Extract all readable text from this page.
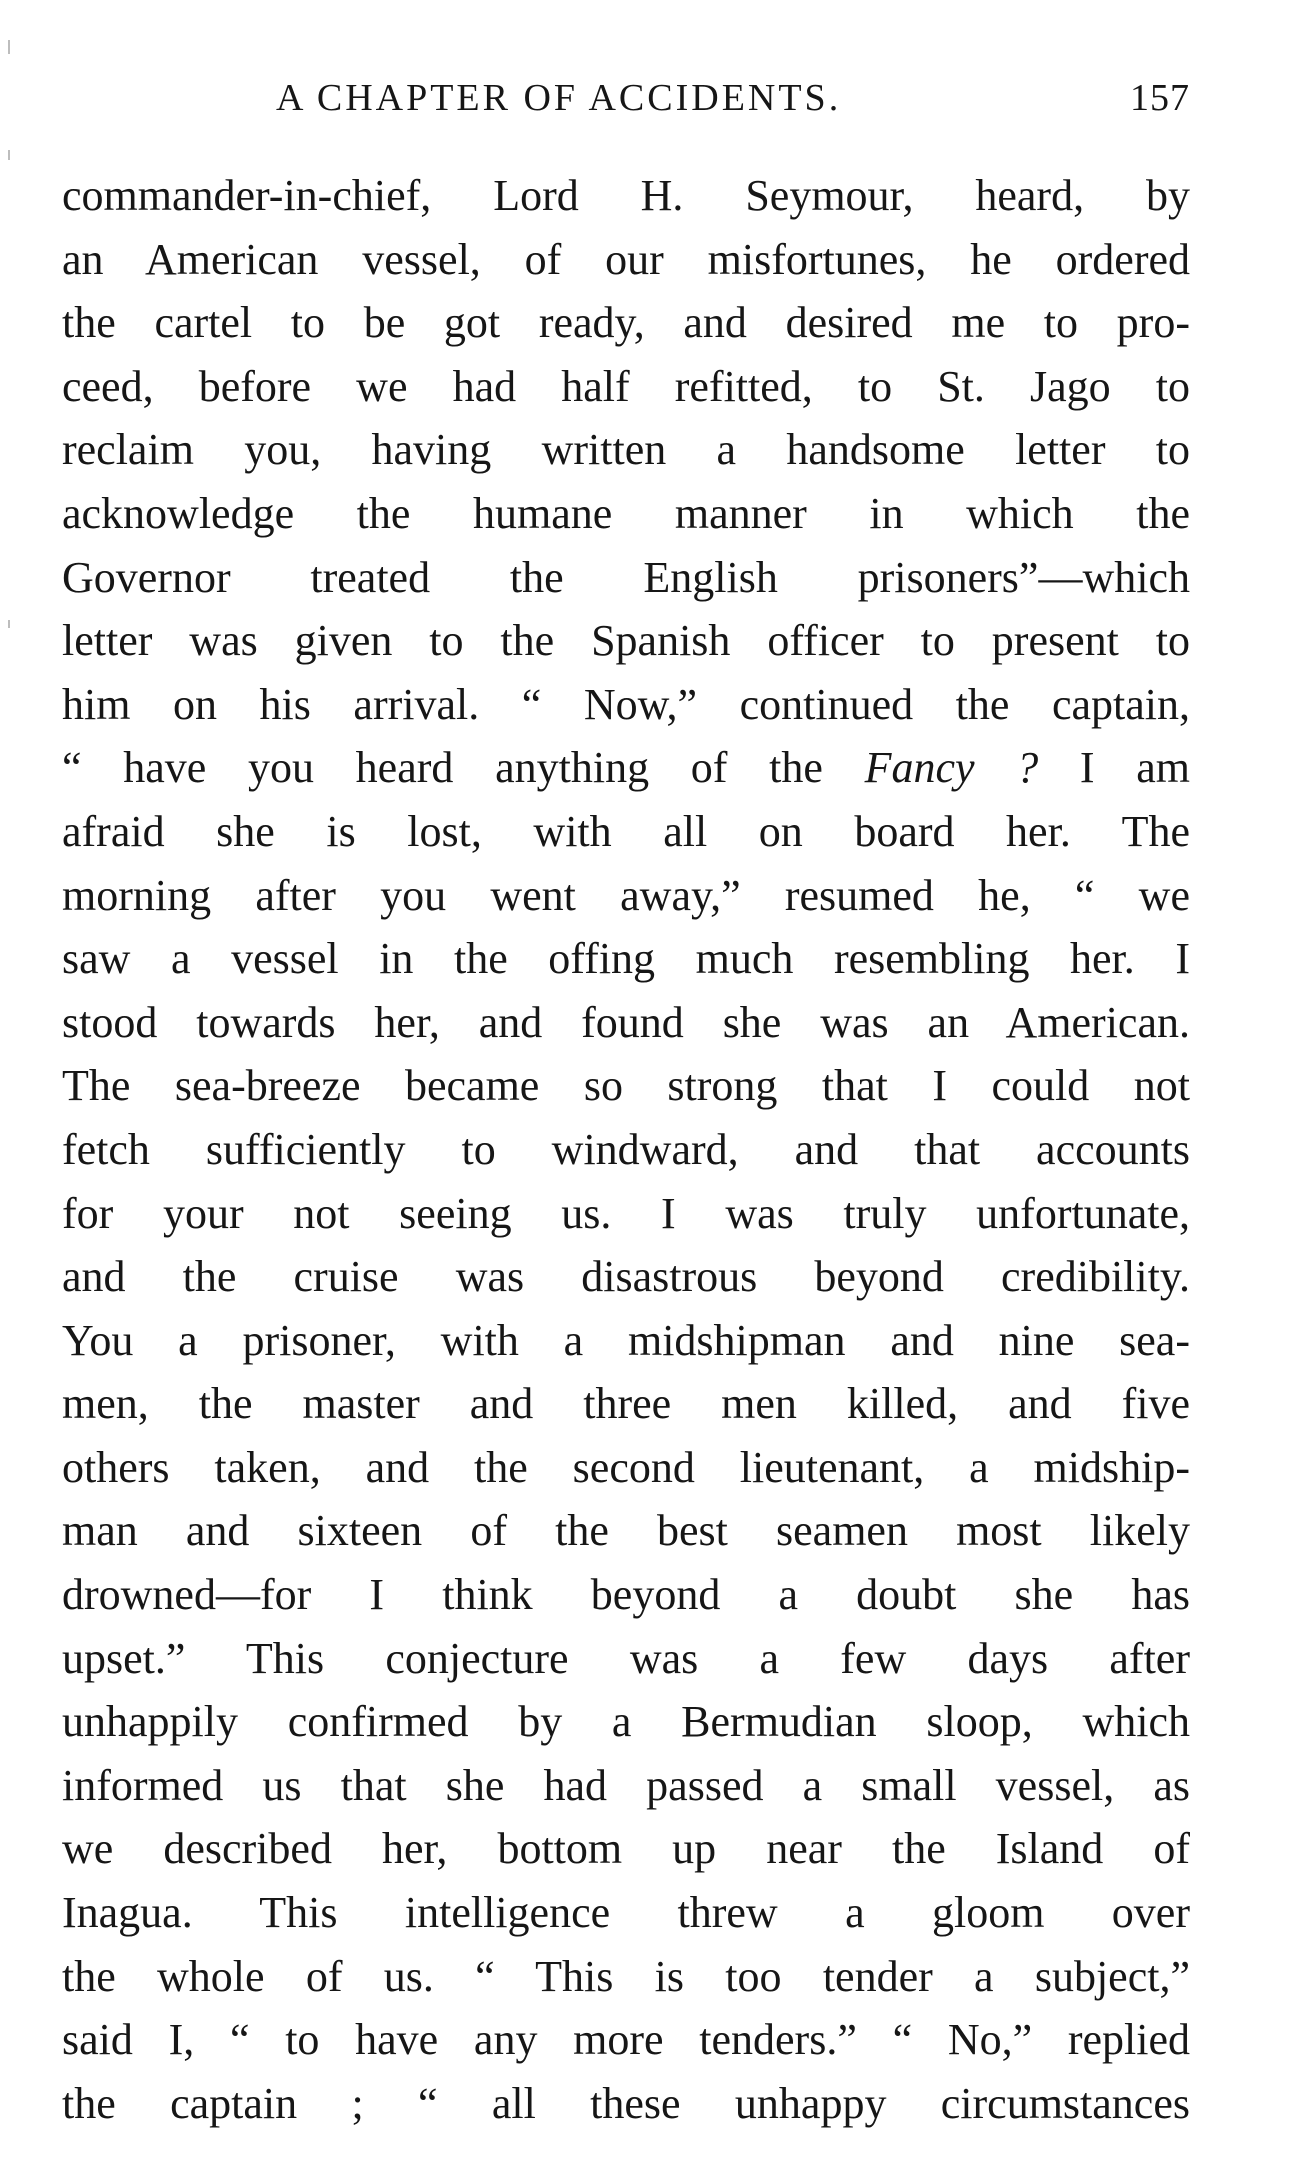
A CHAPTER OF ACCIDENTS.	157
commander-in-chief, Lord H. Seymour, heard, by
an American vessel, of our misfortunes, he ordered
the cartel to be got ready, and desired me to pro-
ceed, before we had half refitted, to St. Jago to
reclaim you, having written a handsome letter to
acknowledge the humane manner in which the
Governor treated the English prisoners”—which
letter was given to the Spanish officer to present to
him on his arrival. “ Now,” continued the captain,
“ have you heard anything of the Fancy ? I am
afraid she is lost, with all on board her. The
morning after you went away,” resumed he, “ we
saw a vessel in the offing much resembling her. I
stood towards her, and found she was an American.
The sea-breeze became so strong that I could not
fetch sufficiently to windward, and that accounts
for your not seeing us. I was truly unfortunate,
and the cruise was disastrous beyond credibility.
You a prisoner, with a midshipman and nine sea-
men, the master and three men killed, and five
others taken, and the second lieutenant, a midship-
man and sixteen of the best seamen most likely
drowned—for I think beyond a doubt she has
upset.” This conjecture was a few days after
unhappily confirmed by a Bermudian sloop, which
informed us that she had passed a small vessel, as
we described her, bottom up near the Island of
Inagua. This intelligence threw a gloom over
the whole of us. “ This is too tender a subject,”
said I, “ to have any more tenders.” “ No,” replied
the captain ; “ all these unhappy circumstances
